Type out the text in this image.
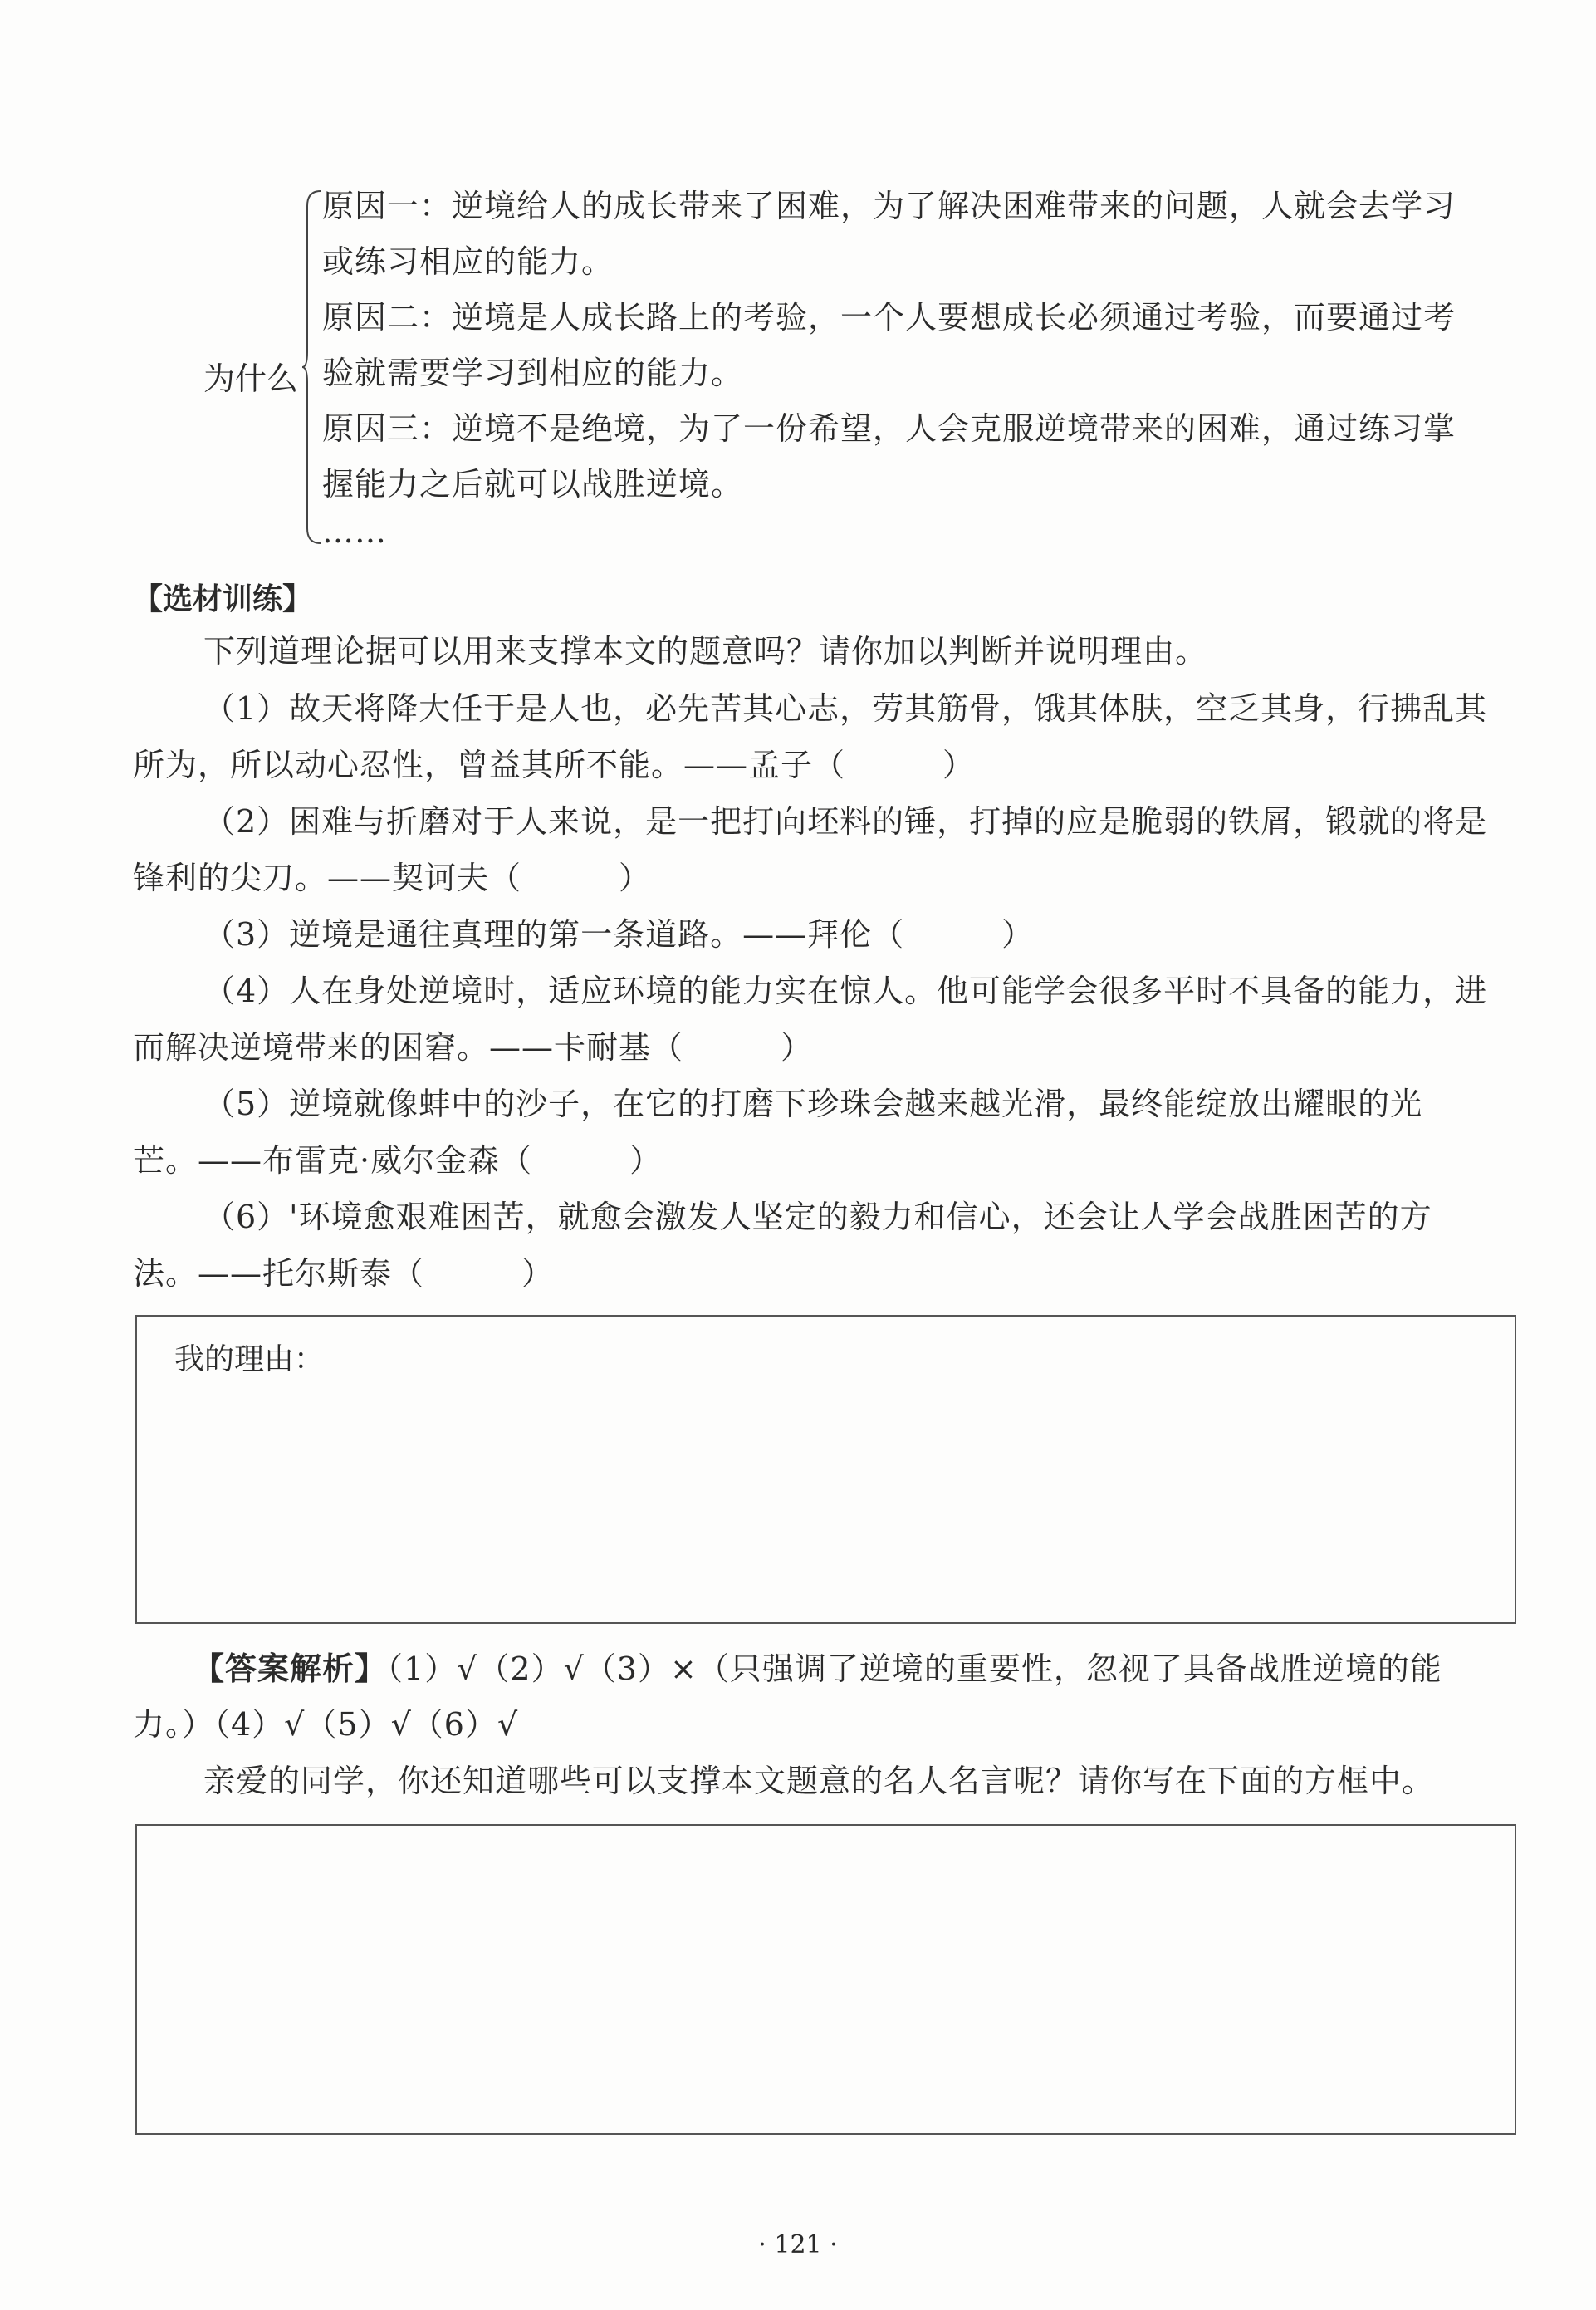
为什么
原因一：逆境给人的成长带来了困难，为了解决困难带来的问题，人就会去学习
或练习相应的能力。
原因二：逆境是人成长路上的考验，一个人要想成长必须通过考验，而要通过考
验就需要学习到相应的能力。
原因三：逆境不是绝境，为了一份希望，人会克服逆境带来的困难，通过练习掌
握能力之后就可以战胜逆境。
……
【选材训练】
下列道理论据可以用来支撑本文的题意吗？请你加以判断并说明理由。
（1）故天将降大任于是人也，必先苦其心志，劳其筋骨，饿其体肤，空乏其身，行拂乱其
所为，所以动心忍性，曾益其所不能。——孟子（　　　）
（2）困难与折磨对于人来说，是一把打向坯料的锤，打掉的应是脆弱的铁屑，锻就的将是
锋利的尖刀。——契诃夫（　　　）
（3）逆境是通往真理的第一条道路。——拜伦（　　　）
（4）人在身处逆境时，适应环境的能力实在惊人。他可能学会很多平时不具备的能力，进
而解决逆境带来的困窘。——卡耐基（　　　）
（5）逆境就像蚌中的沙子，在它的打磨下珍珠会越来越光滑，最终能绽放出耀眼的光
芒。——布雷克·威尔金森（　　　）
（6）'环境愈艰难困苦，就愈会激发人坚定的毅力和信心，还会让人学会战胜困苦的方
法。——托尔斯泰（　　　）
我的理由：
【答案解析】（1）√（2）√（3）×（只强调了逆境的重要性，忽视了具备战胜逆境的能
力。）（4）√（5）√（6）√
亲爱的同学，你还知道哪些可以支撑本文题意的名人名言呢？请你写在下面的方框中。
· 121 ·
